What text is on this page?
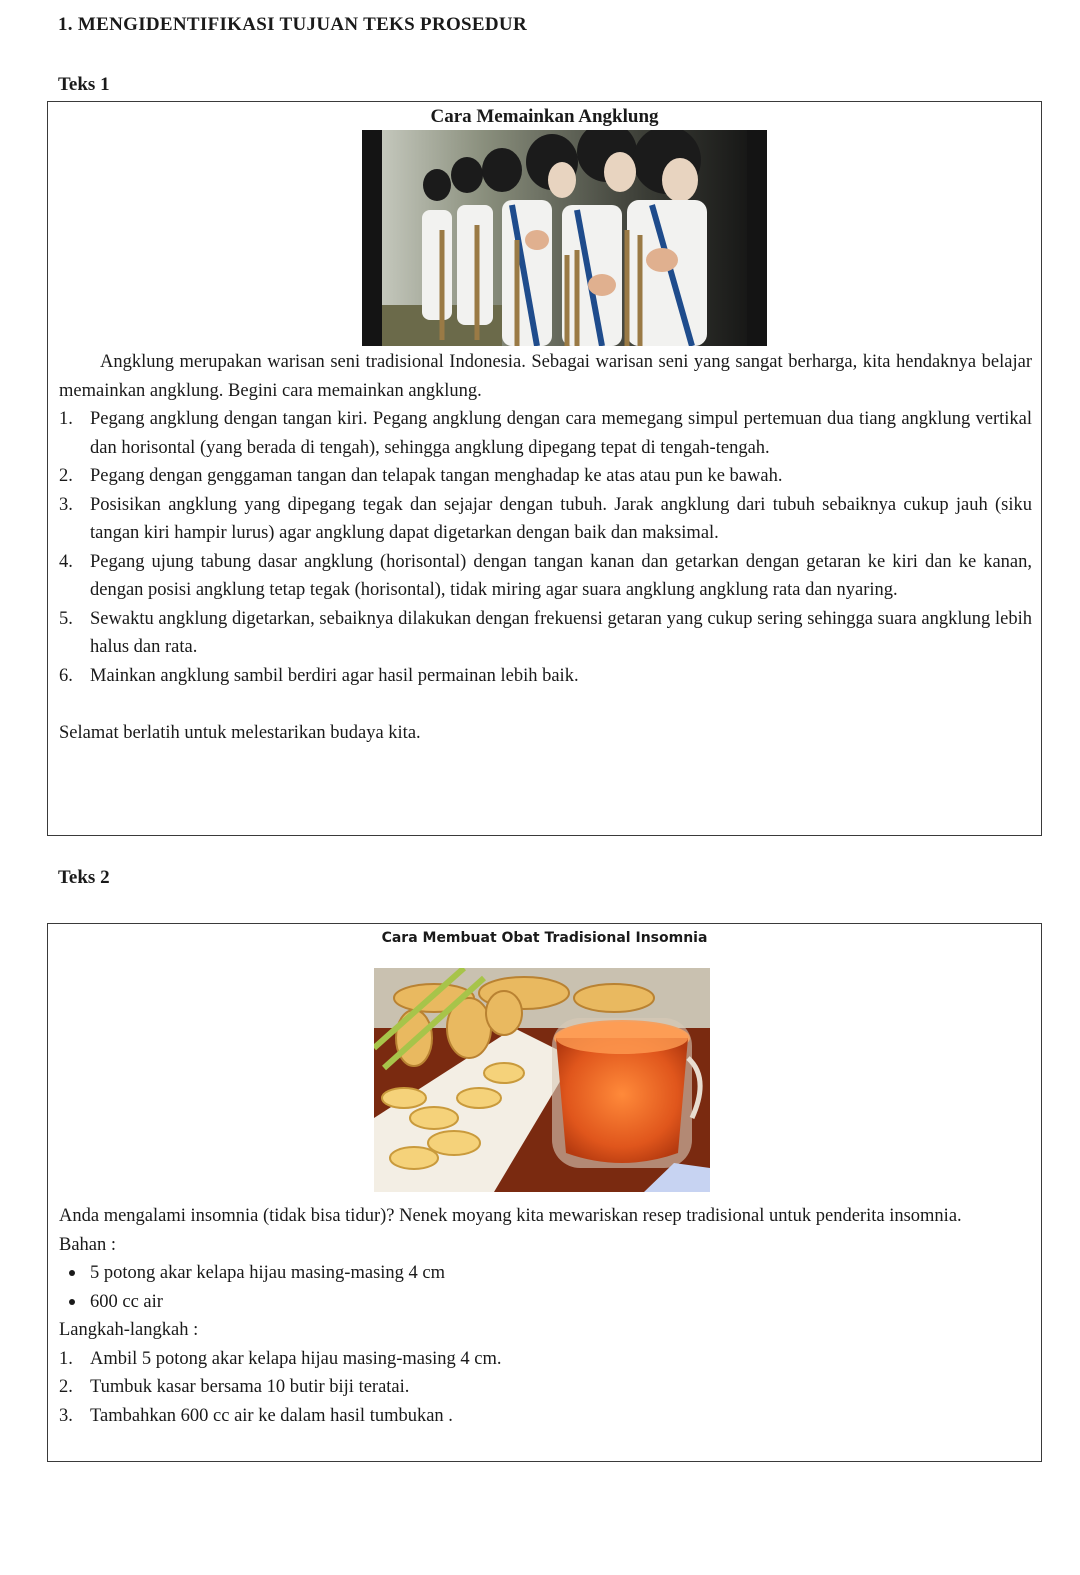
1. MENGIDENTIFIKASI TUJUAN TEKS PROSEDUR
Teks 1
Cara Memainkan Angklung

Angklung merupakan warisan seni tradisional Indonesia. Sebagai warisan seni yang sangat berharga, kita hendaknya belajar memainkan angklung. Begini cara memainkan angklung.

1. Pegang angklung dengan tangan kiri. Pegang angklung dengan cara memegang simpul pertemuan dua tiang angklung vertikal dan horisontal (yang berada di tengah), sehingga angklung dipegang tepat di tengah-tengah.
2. Pegang dengan genggaman tangan dan telapak tangan menghadap ke atas atau pun ke bawah.
3. Posisikan angklung yang dipegang tegak dan sejajar dengan tubuh. Jarak angklung dari tubuh sebaiknya cukup jauh (siku tangan kiri hampir lurus) agar angklung dapat digetarkan dengan baik dan maksimal.
4. Pegang ujung tabung dasar angklung (horisontal) dengan tangan kanan dan getarkan dengan getaran ke kiri dan ke kanan, dengan posisi angklung tetap tegak (horisontal), tidak miring agar suara angklung angklung rata dan nyaring.
5. Sewaktu angklung digetarkan, sebaiknya dilakukan dengan frekuensi getaran yang cukup sering sehingga suara angklung lebih halus dan rata.
6. Mainkan angklung sambil berdiri agar hasil permainan lebih baik.

Selamat berlatih untuk melestarikan budaya kita.

Teks 2
Cara Membuat Obat Tradisional Insomnia

Anda mengalami insomnia (tidak bisa tidur)? Nenek moyang kita mewariskan resep tradisional untuk penderita insomnia.

Bahan :

5 potong akar kelapa hijau masing-masing 4 cm
600 cc air

Langkah-langkah :

1. Ambil 5 potong akar kelapa hijau masing-masing 4 cm.
2. Tumbuk kasar bersama 10 butir biji teratai.
3. Tambahkan 600 cc air ke dalam hasil tumbukan .
